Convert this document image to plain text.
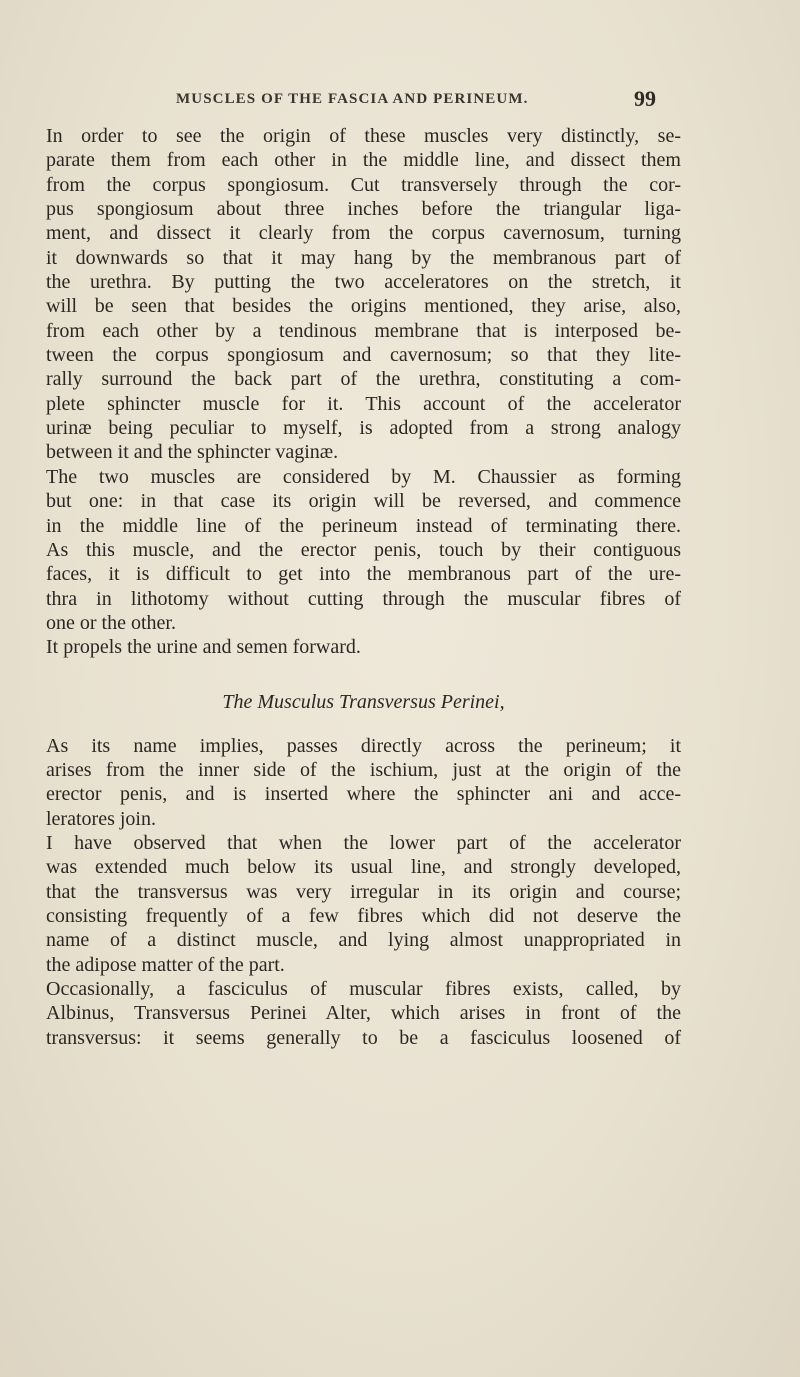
MUSCLES OF THE FASCIA AND PERINEUM.	99
In order to see the origin of these muscles very distinctly, se-
parate them from each other in the middle line, and dissect them
from the corpus spongiosum. Cut transversely through the cor-
pus spongiosum about three inches before the triangular liga-
ment, and dissect it clearly from the corpus cavernosum, turning
it downwards so that it may hang by the membranous part of
the urethra. By putting the two acceleratores on the stretch, it
will be seen that besides the origins mentioned, they arise, also,
from each other by a tendinous membrane that is interposed be-
tween the corpus spongiosum and cavernosum; so that they lite-
rally surround the back part of the urethra, constituting a com-
plete sphincter muscle for it. This account of the accelerator
urinæ being peculiar to myself, is adopted from a strong analogy
between it and the sphincter vaginæ.
The two muscles are considered by M. Chaussier as forming
but one: in that case its origin will be reversed, and commence
in the middle line of the perineum instead of terminating there.
As this muscle, and the erector penis, touch by their contiguous
faces, it is difficult to get into the membranous part of the ure-
thra in lithotomy without cutting through the muscular fibres of
one or the other.
It propels the urine and semen forward.
The Musculus Transversus Perinei,
As its name implies, passes directly across the perineum; it
arises from the inner side of the ischium, just at the origin of the
erector penis, and is inserted where the sphincter ani and acce-
leratores join.
I have observed that when the lower part of the accelerator
was extended much below its usual line, and strongly developed,
that the transversus was very irregular in its origin and course;
consisting frequently of a few fibres which did not deserve the
name of a distinct muscle, and lying almost unappropriated in
the adipose matter of the part.
Occasionally, a fasciculus of muscular fibres exists, called, by
Albinus, Transversus Perinei Alter, which arises in front of the
transversus: it seems generally to be a fasciculus loosened of
